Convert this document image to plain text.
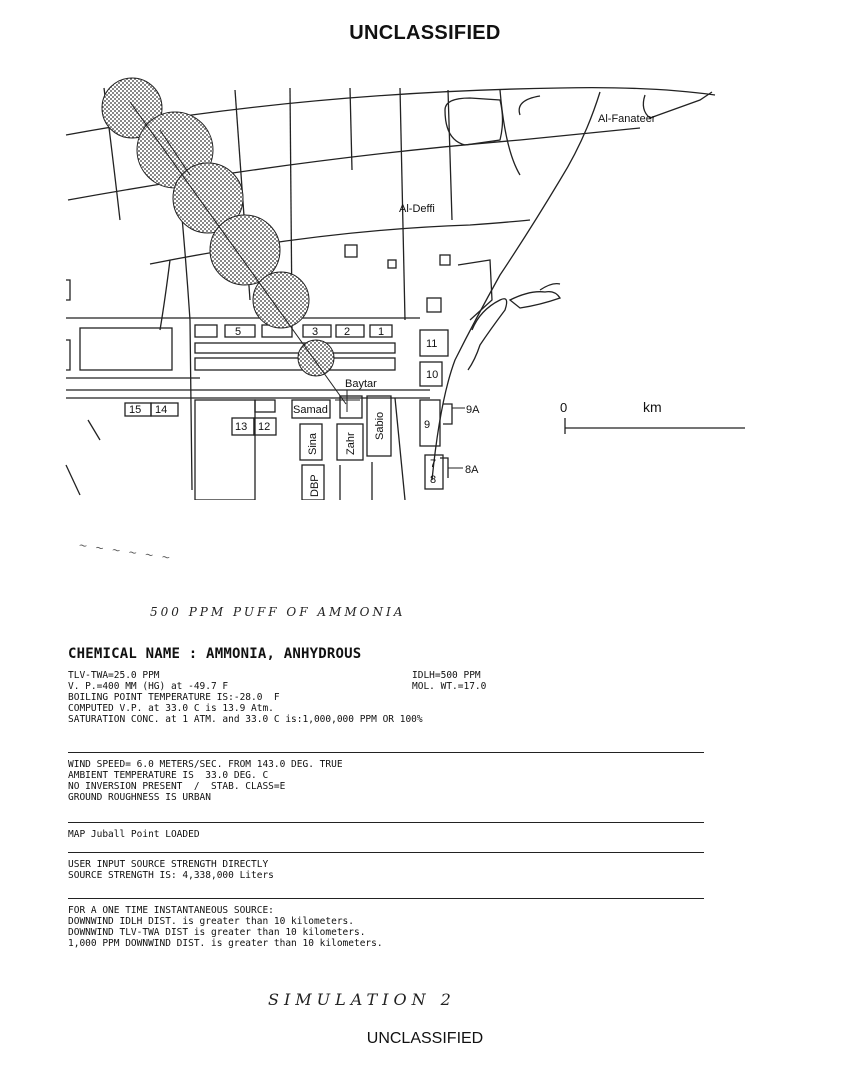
UNCLASSIFIED
Al-Fanateer
Al-Deffi
Baytar
Samad
Sina Zahr
Sabio
DBP
1
2
3
5
11
10
9
9A
7
8
8A
12
13
14
15	0	km
~ ~ ~ ~ ~ ~
500 PPM PUFF OF AMMONIA
CHEMICAL NAME : AMMONIA, ANHYDROUS
TLV-TWA=25.0 PPM	IDLH=500 PPM
V. P.=400 MM (HG) at -49.7 F	MOL. WT.=17.0
BOILING POINT TEMPERATURE IS:-28.0  F
COMPUTED V.P. at 33.0 C is 13.9 Atm.
SATURATION CONC. at 1 ATM. and 33.0 C is:1,000,000 PPM OR 100%
WIND SPEED= 6.0 METERS/SEC. FROM 143.0 DEG. TRUE
AMBIENT TEMPERATURE IS  33.0 DEG. C
NO INVERSION PRESENT  /  STAB. CLASS=E
GROUND ROUGHNESS IS URBAN
MAP Juball Point LOADED
USER INPUT SOURCE STRENGTH DIRECTLY
SOURCE STRENGTH IS: 4,338,000 Liters
FOR A ONE TIME INSTANTANEOUS SOURCE:
DOWNWIND IDLH DIST. is greater than 10 kilometers.
DOWNWIND TLV-TWA DIST is greater than 10 kilometers.
1,000 PPM DOWNWIND DIST. is greater than 10 kilometers.
SIMULATION 2
UNCLASSIFIED
